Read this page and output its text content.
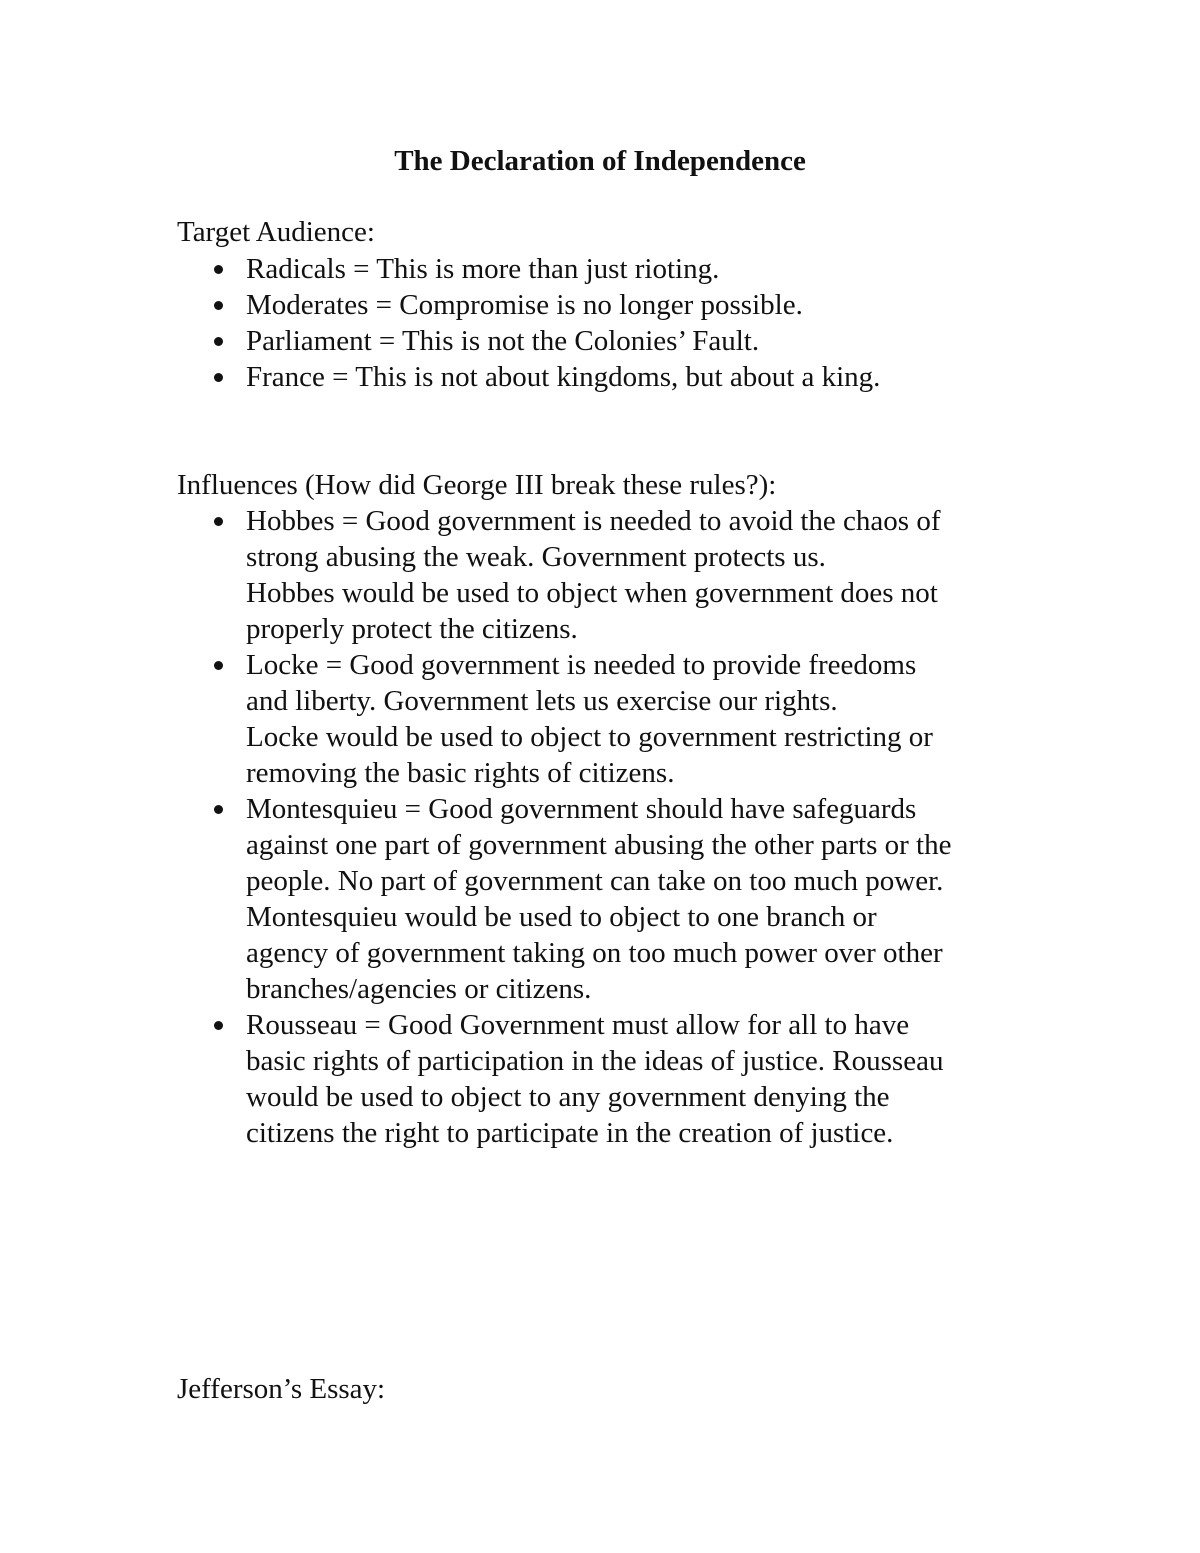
The Declaration of Independence

Target Audience:

Radicals = This is more than just rioting.
Moderates = Compromise is no longer possible.
Parliament = This is not the Colonies’ Fault.
France = This is not about kingdoms, but about a king.

Influences (How did George III break these rules?):

Hobbes = Good government is needed to avoid the chaos of
strong abusing the weak. Government protects us.
Hobbes would be used to object when government does not
properly protect the citizens.
Locke = Good government is needed to provide freedoms
and liberty. Government lets us exercise our rights.
Locke would be used to object to government restricting or
removing the basic rights of citizens.
Montesquieu = Good government should have safeguards
against one part of government abusing the other parts or the
people. No part of government can take on too much power.
Montesquieu would be used to object to one branch or
agency of government taking on too much power over other
branches/agencies or citizens.
Rousseau = Good Government must allow for all to have
basic rights of participation in the ideas of justice. Rousseau
would be used to object to any government denying the
citizens the right to participate in the creation of justice.

Jefferson’s Essay:
